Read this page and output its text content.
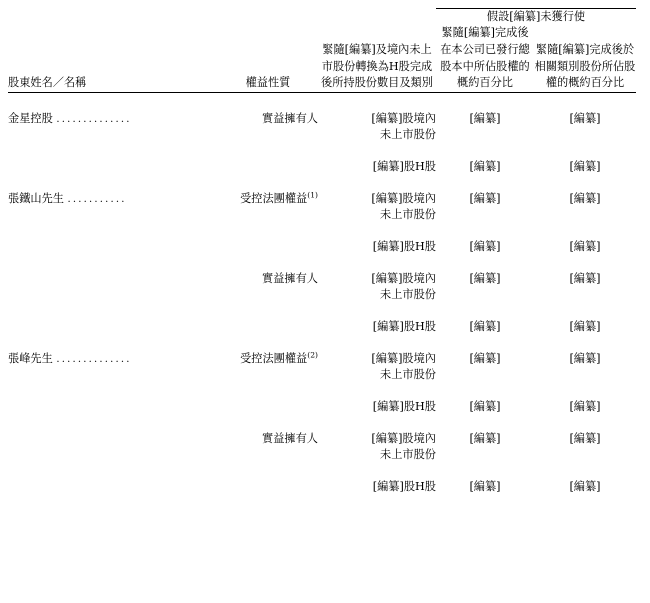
			假設[編纂]未獲行使	
股東姓名／名稱	權益性質	緊隨[編纂]及境內未上市股份轉換為H股完成後所持股份數目及類別	緊隨[編纂]完成後在本公司已發行總股本中所佔股權的概約百分比	緊隨[編纂]完成後於相關類別股份所佔股權的概約百分比

金星控股 ..............	實益擁有人	[編纂]股境內	[編纂]	[編纂]
		未上市股份		

		[編纂]股H股	[編纂]	[編纂]

張鐵山先生 ...........	受控法團權益$^{(1)}$	[編纂]股境內	[編纂]	[編纂]
		未上市股份		

		[編纂]股H股	[編纂]	[編纂]

	實益擁有人	[編纂]股境內	[編纂]	[編纂]
		未上市股份		

		[編纂]股H股	[編纂]	[編纂]

張峰先生 ..............	受控法團權益$^{(2)}$	[編纂]股境內	[編纂]	[編纂]
		未上市股份		

		[編纂]股H股	[編纂]	[編纂]

	實益擁有人	[編纂]股境內	[編纂]	[編纂]
		未上市股份		

		[編纂]股H股	[編纂]	[編纂]
